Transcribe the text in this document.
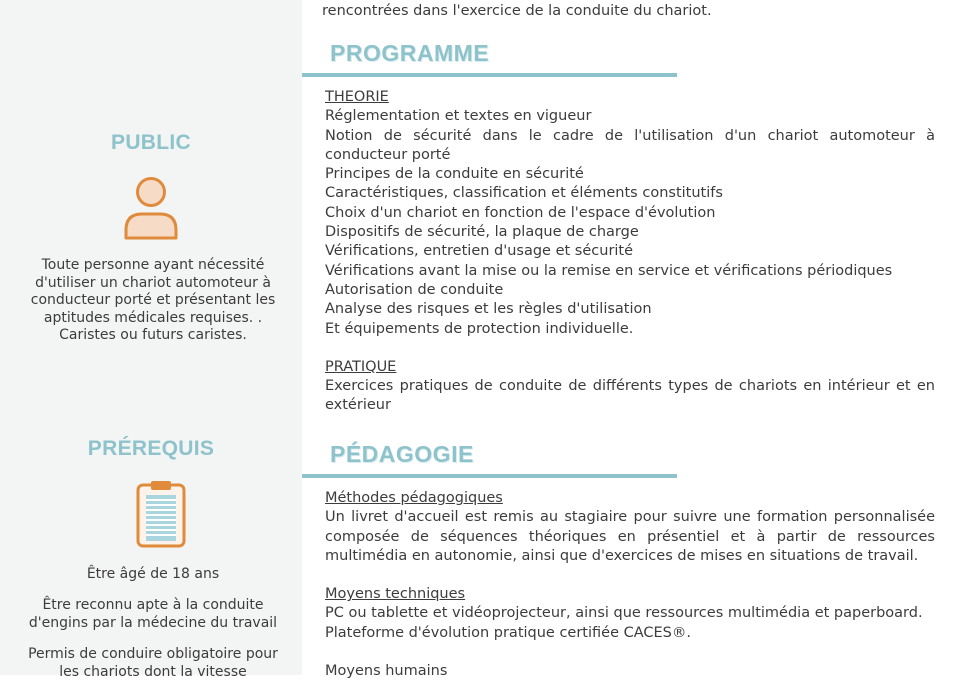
PUBLIC
Toute personne ayant nécessité d'utiliser un chariot automoteur à conducteur porté et présentant les aptitudes médicales requises. . Caristes ou futurs caristes.
PRÉREQUIS
Être âgé de 18 ans
Être reconnu apte à la conduite d'engins par la médecine du travail
Permis de conduire obligatoire pour les chariots dont la vitesse
rencontrées dans l'exercice de la conduite du chariot.
PROGRAMME
THEORIE
Réglementation et textes en vigueur
Notion de sécurité dans le cadre de l'utilisation d'un chariot automoteur à conducteur porté
Principes de la conduite en sécurité
Caractéristiques, classification et éléments constitutifs
Choix d'un chariot en fonction de l'espace d'évolution
Dispositifs de sécurité, la plaque de charge
Vérifications, entretien d'usage et sécurité
Vérifications avant la mise ou la remise en service et vérifications périodiques
Autorisation de conduite
Analyse des risques et les règles d'utilisation
Et équipements de protection individuelle.
PRATIQUE
Exercices pratiques de conduite de différents types de chariots en intérieur et en extérieur
PÉDAGOGIE
Méthodes pédagogiques
Un livret d'accueil est remis au stagiaire pour suivre une formation personnalisée composée de séquences théoriques en présentiel et à partir de ressources multimédia en autonomie, ainsi que d'exercices de mises en situations de travail.
Moyens techniques
PC ou tablette et vidéoprojecteur, ainsi que ressources multimédia et paperboard.
Plateforme d'évolution pratique certifiée CACES®.
Moyens humains
